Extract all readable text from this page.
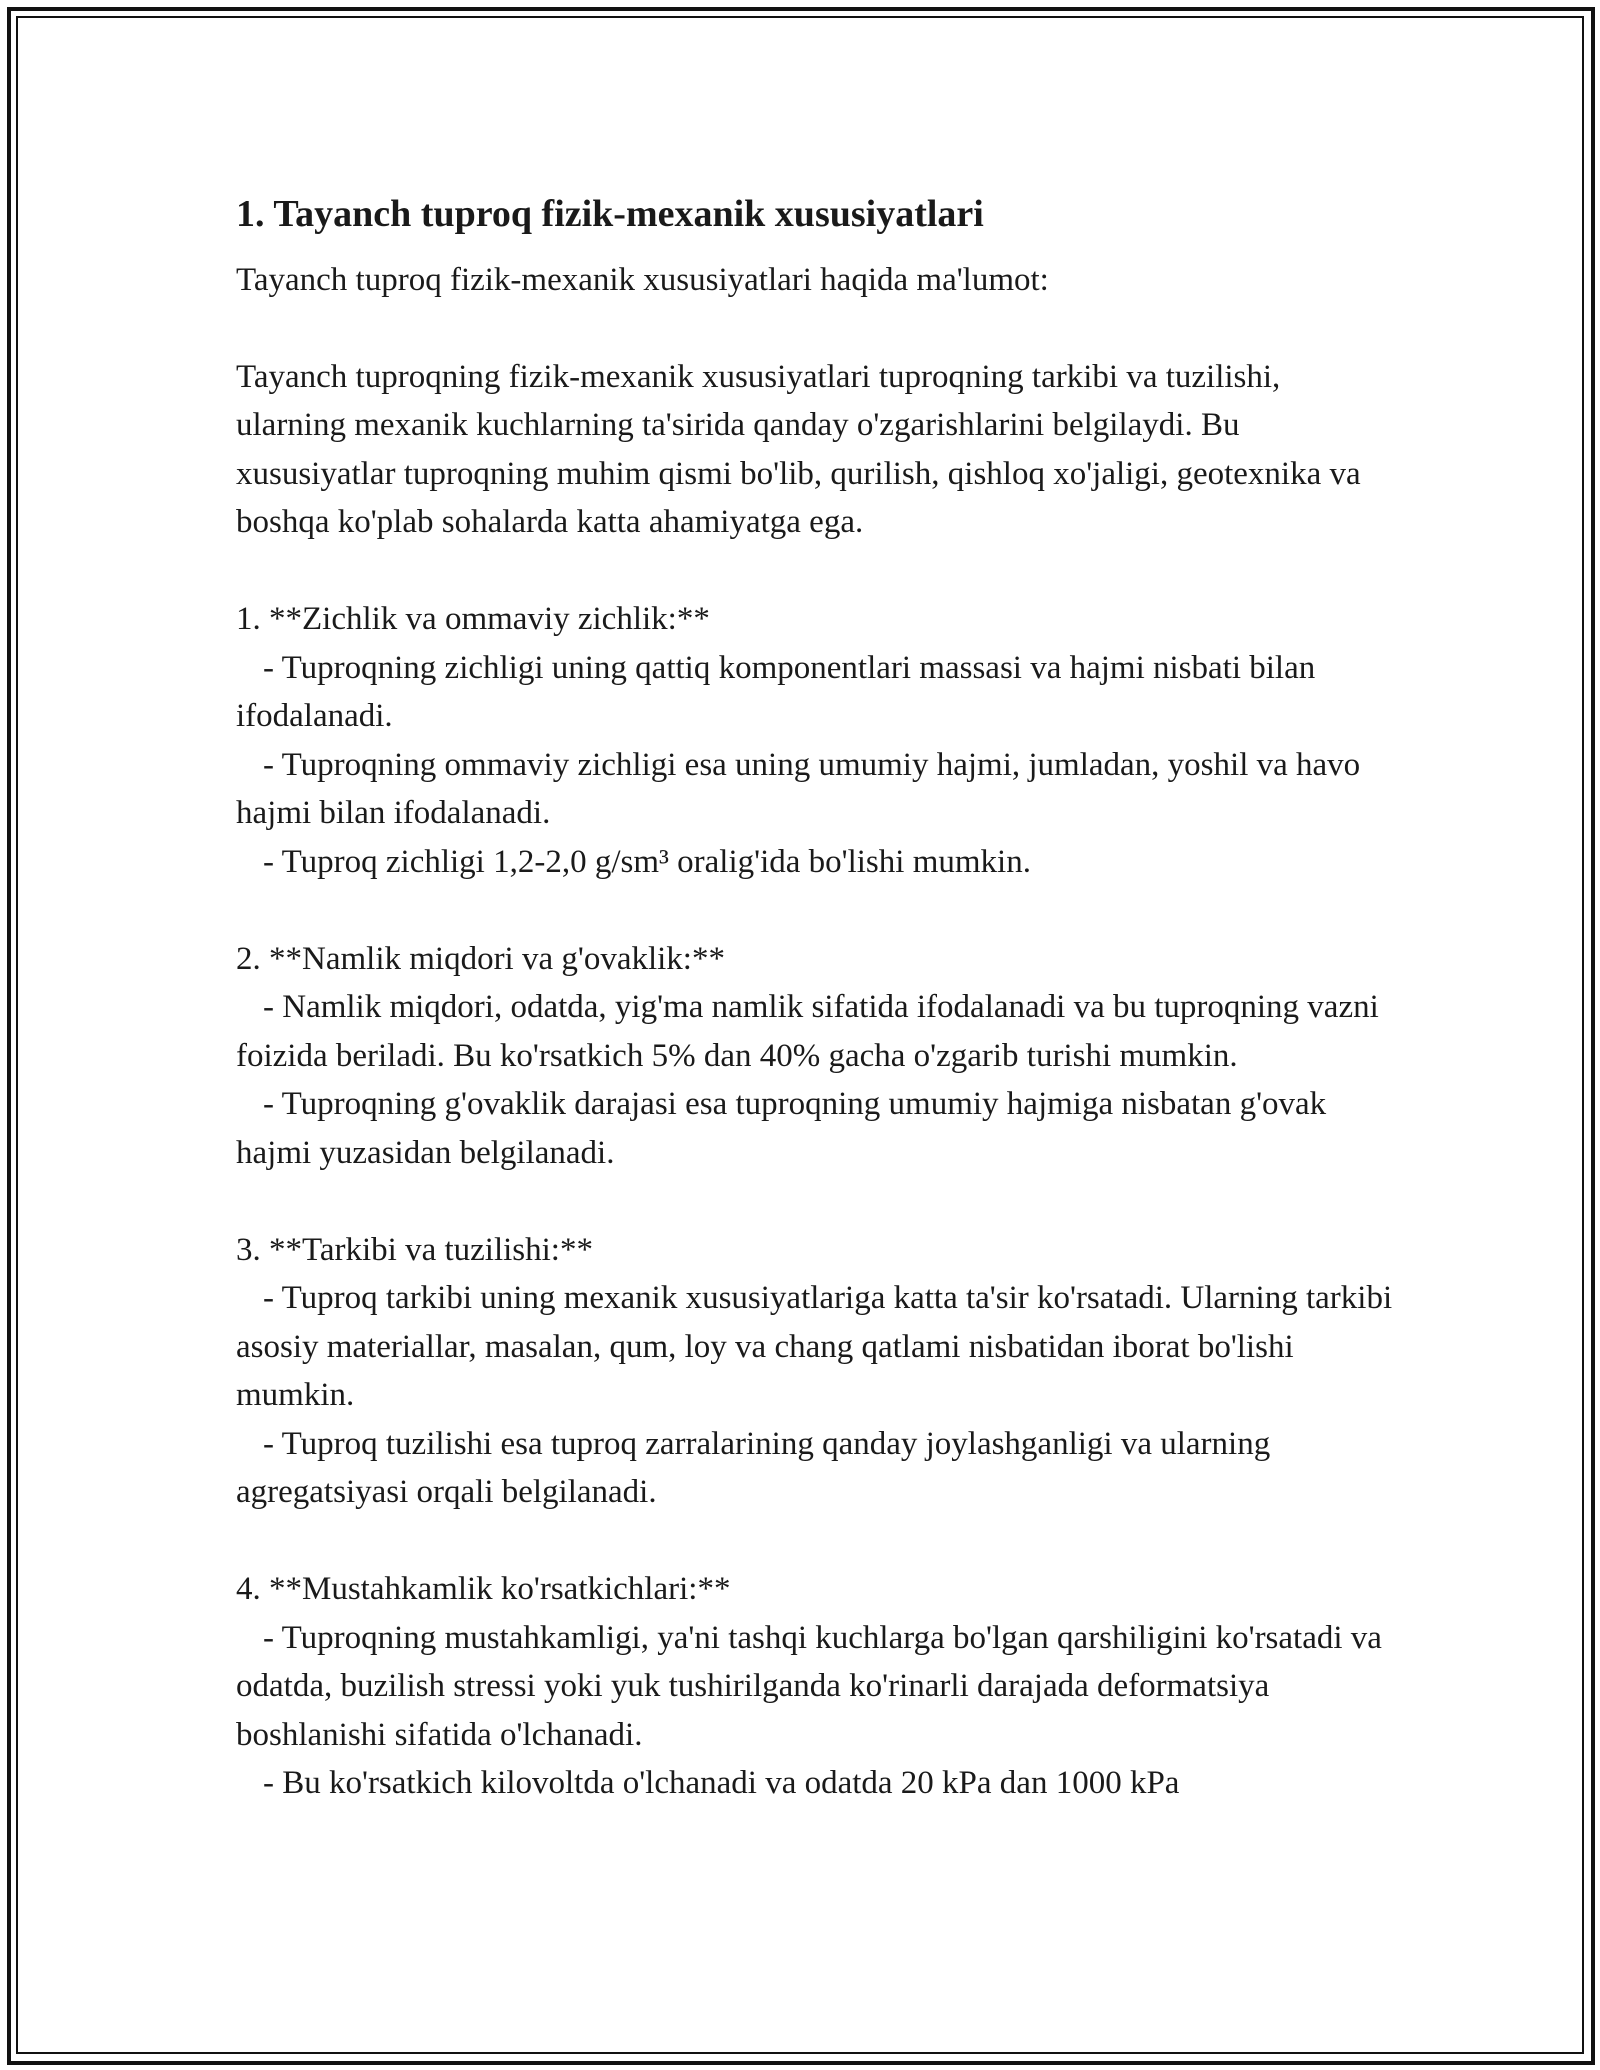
1. Tayanch tuproq fizik-mexanik xususiyatlari

Tayanch tuproq fizik-mexanik xususiyatlari haqida ma'lumot:

Tayanch tuproqning fizik-mexanik xususiyatlari tuproqning tarkibi va tuzilishi, ularning mexanik kuchlarning ta'sirida qanday o'zgarishlarini belgilaydi. Bu xususiyatlar tuproqning muhim qismi bo'lib, qurilish, qishloq xo'jaligi, geotexnika va boshqa ko'plab sohalarda katta ahamiyatga ega.

1. **Zichlik va ommaviy zichlik:**

- Tuproqning zichligi uning qattiq komponentlari massasi va hajmi nisbati bilan ifodalanadi.

- Tuproqning ommaviy zichligi esa uning umumiy hajmi, jumladan, yoshil va havo hajmi bilan ifodalanadi.

- Tuproq zichligi 1,2-2,0 g/sm³ oralig'ida bo'lishi mumkin.

2. **Namlik miqdori va g'ovaklik:**

- Namlik miqdori, odatda, yig'ma namlik sifatida ifodalanadi va bu tuproqning vazni foizida beriladi. Bu ko'rsatkich 5% dan 40% gacha o'zgarib turishi mumkin.

- Tuproqning g'ovaklik darajasi esa tuproqning umumiy hajmiga nisbatan g'ovak hajmi yuzasidan belgilanadi.

3. **Tarkibi va tuzilishi:**

- Tuproq tarkibi uning mexanik xususiyatlariga katta ta'sir ko'rsatadi. Ularning tarkibi asosiy materiallar, masalan, qum, loy va chang qatlami nisbatidan iborat bo'lishi mumkin.

- Tuproq tuzilishi esa tuproq zarralarining qanday joylashganligi va ularning agregatsiyasi orqali belgilanadi.

4. **Mustahkamlik ko'rsatkichlari:**

- Tuproqning mustahkamligi, ya'ni tashqi kuchlarga bo'lgan qarshiligini ko'rsatadi va odatda, buzilish stressi yoki yuk tushirilganda ko'rinarli darajada deformatsiya boshlanishi sifatida o'lchanadi.

- Bu ko'rsatkich kilovoltda o'lchanadi va odatda 20 kPa dan 1000 kPa
